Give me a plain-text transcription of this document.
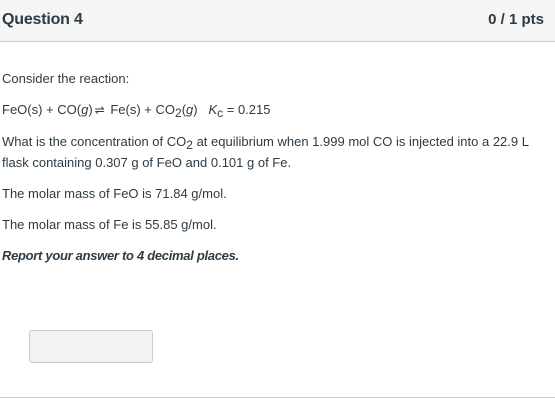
Question 4	0 / 1 pts

Consider the reaction:

FeO(s) + CO(g) ⇌ $Fe(s) + CO_2(g) K_c = 0.215$

What is the concentration of $CO_2$ at equilibrium when 1.999 mol CO is injected into a 22.9 L flask containing 0.307 g of FeO and 0.101 g of Fe.

The molar mass of FeO is 71.84 g/mol.

The molar mass of Fe is 55.85 g/mol.

Report your answer to 4 decimal places.
